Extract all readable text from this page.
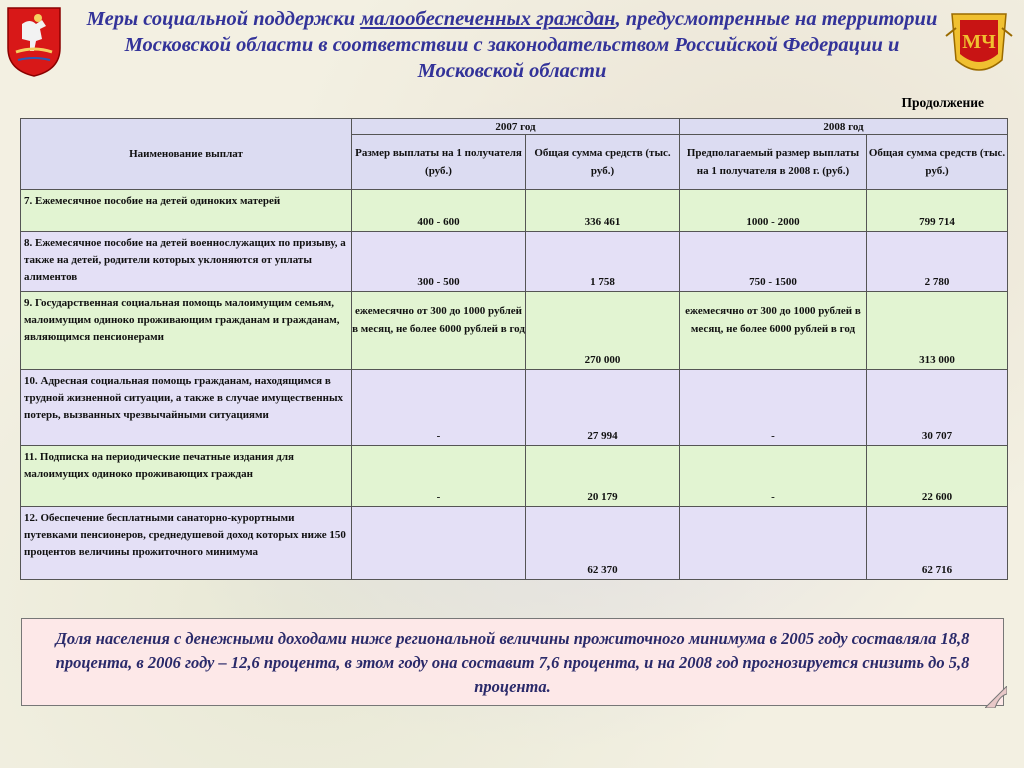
Меры социальной поддержки малообеспеченных граждан, предусмотренные на территории Московской области в соответствии с законодательством Российской Федерации и Московской области
МЧ
Продолжение
Наименование выплат	2007 год		2008 год	
	Размер выплаты на 1 получателя (руб.)	Общая сумма средств (тыс. руб.)	Предполагаемый размер выплаты на 1 получателя в 2008 г. (руб.)	Общая сумма средств (тыс. руб.)
7. Ежемесячное пособие на детей одиноких матерей	400 - 600	336 461	1000 - 2000	799 714
8. Ежемесячное пособие на детей военнослужащих по призыву, а также на детей, родители которых уклоняются от уплаты алиментов	300 - 500	1 758	750 - 1500	2 780
9. Государственная социальная помощь малоимущим семьям, малоимущим одиноко проживающим гражданам и гражданам, являющимся пенсионерами	ежемесячно от 300 до 1000 рублей в месяц, не более 6000 рублей в год	270 000	ежемесячно от 300 до 1000 рублей в месяц, не более 6000 рублей в год	313 000
10. Адресная социальная помощь гражданам, находящимся в трудной жизненной ситуации, а также в случае имущественных потерь, вызванных чрезвычайными ситуациями	-	27 994	-	30 707
11. Подписка на периодические печатные издания для малоимущих одиноко проживающих граждан	-	20 179	-	22 600
12. Обеспечение бесплатными санаторно-курортными путевками пенсионеров, среднедушевой доход которых ниже 150 процентов величины прожиточного минимума		62 370		62 716
Доля населения с денежными доходами ниже региональной величины прожиточного минимума в 2005 году составляла 18,8 процента, в 2006 году – 12,6 процента, в этом году она составит 7,6 процента, и на 2008 год прогнозируется снизить до 5,8 процента.
